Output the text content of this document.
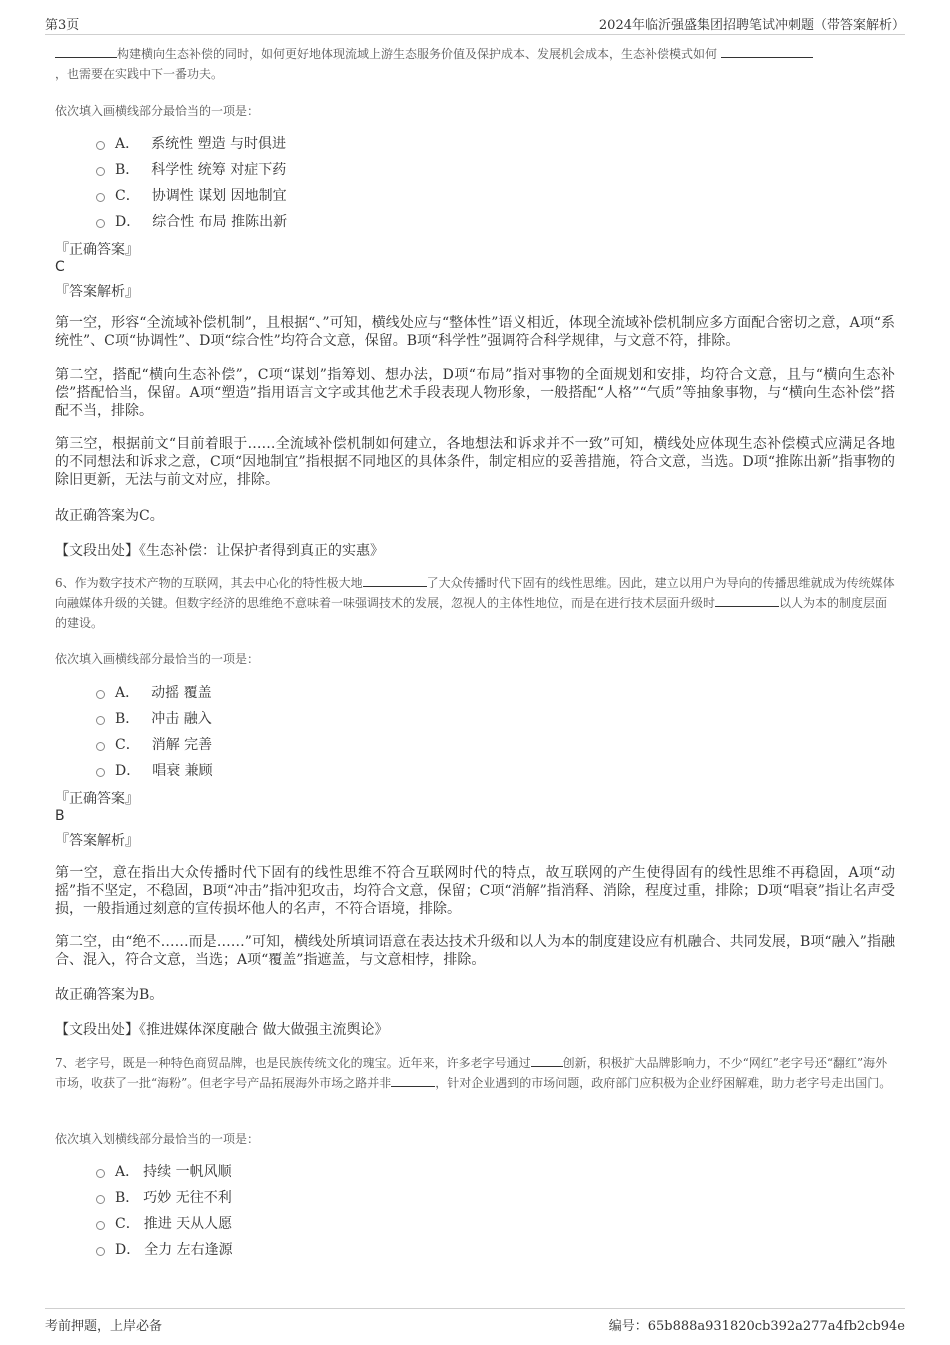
第3页	2024年临沂强盛集团招聘笔试冲刺题（带答案解析）
构建横向生态补偿的同时，如何更好地体现流域上游生态服务价值及保护成本、发展机会成本，生态补偿模式如何
，也需要在实践中下一番功夫。
依次填入画横线部分最恰当的一项是：
A． 系统性 塑造 与时俱进
B． 科学性 统筹 对症下药
C． 协调性 谋划 因地制宜
D． 综合性 布局 推陈出新
『正确答案』
C
『答案解析』
第一空，形容“全流域补偿机制”，且根据“、”可知，横线处应与“整体性”语义相近，体现全流域补偿机制应多方面配合密切之意，A项“系统性”、C项“协调性”、D项“综合性”均符合文意，保留。B项“科学性”强调符合科学规律，与文意不符，排除。
第二空，搭配“横向生态补偿”，C项“谋划”指筹划、想办法，D项“布局”指对事物的全面规划和安排，均符合文意，且与“横向生态补偿”搭配恰当，保留。A项“塑造”指用语言文字或其他艺术手段表现人物形象，一般搭配“人格”“气质”等抽象事物，与“横向生态补偿”搭配不当，排除。
第三空，根据前文“目前着眼于……全流域补偿机制如何建立，各地想法和诉求并不一致”可知，横线处应体现生态补偿模式应满足各地的不同想法和诉求之意，C项“因地制宜”指根据不同地区的具体条件，制定相应的妥善措施，符合文意，当选。D项“推陈出新”指事物的除旧更新，无法与前文对应，排除。
故正确答案为C。
【文段出处】《生态补偿：让保护者得到真正的实惠》
6、作为数字技术产物的互联网，其去中心化的特性极大地	了大众传播时代下固有的线性思维。因此，建立以用户为导向的传播思维就成为传统媒体向融媒体升级的关键。但数字经济的思维绝不意味着一味强调技术的发展，忽视人的主体性地位，而是在进行技术层面升级时	以人为本的制度层面的建设。
依次填入画横线部分最恰当的一项是：
A． 动摇 覆盖
B． 冲击 融入
C． 消解 完善
D． 唱衰 兼顾
『正确答案』
B
『答案解析』
第一空，意在指出大众传播时代下固有的线性思维不符合互联网时代的特点，故互联网的产生使得固有的线性思维不再稳固，A项“动摇”指不坚定，不稳固，B项“冲击”指冲犯攻击，均符合文意，保留；C项“消解”指消释、消除，程度过重，排除；D项“唱衰”指让名声受损，一般指通过刻意的宣传损坏他人的名声，不符合语境，排除。
第二空，由“绝不……而是……”可知，横线处所填词语意在表达技术升级和以人为本的制度建设应有机融合、共同发展，B项“融入”指融合、混入，符合文意，当选；A项“覆盖”指遮盖，与文意相悖，排除。
故正确答案为B。
【文段出处】《推进媒体深度融合 做大做强主流舆论》
7、老字号，既是一种特色商贸品牌，也是民族传统文化的瑰宝。近年来，许多老字号通过	创新，积极扩大品牌影响力，不少“网红”老字号还“翻红”海外市场，收获了一批“海粉”。但老字号产品拓展海外市场之路并非	，针对企业遇到的市场问题，政府部门应积极为企业纾困解难，助力老字号走出国门。
依次填入划横线部分最恰当的一项是：
A． 持续 一帆风顺
B． 巧妙 无往不利
C． 推进 天从人愿
D． 全力 左右逢源
考前押题，上岸必备	编号：65b888a931820cb392a277a4fb2cb94e
